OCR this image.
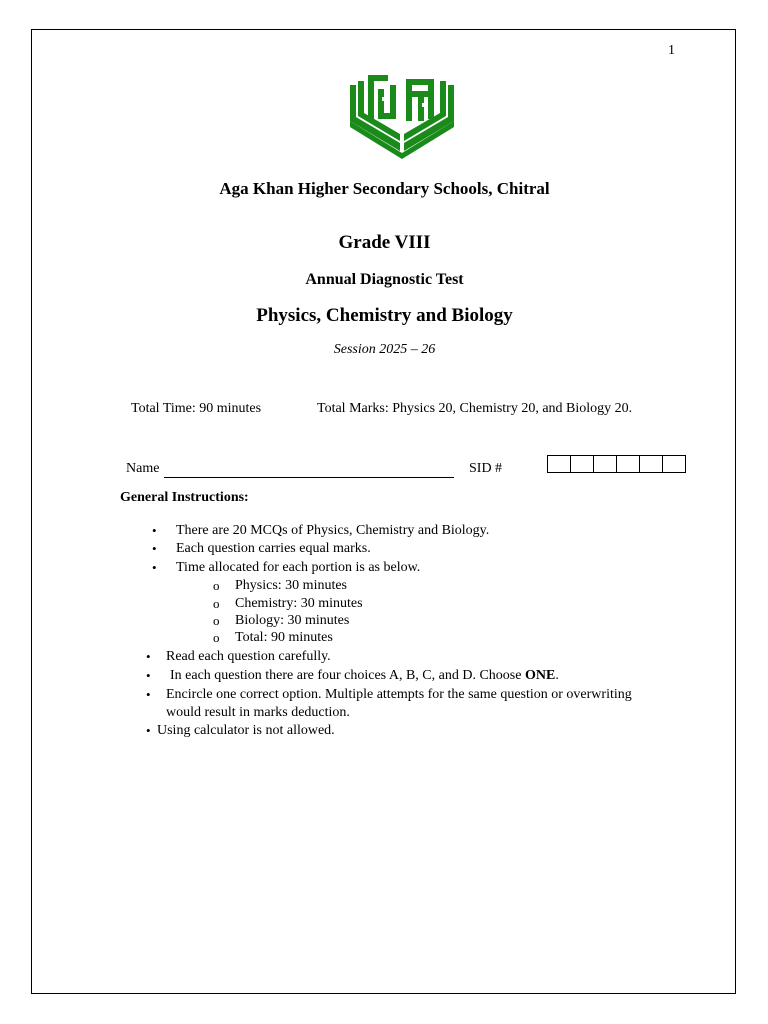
1
Aga Khan Higher Secondary Schools, Chitral
Grade VIII
Annual Diagnostic Test
Physics, Chemistry and Biology
Session 2025 – 26
Total Time: 90 minutes	Total Marks: Physics 20, Chemistry 20, and Biology 20.
Name	SID #
General Instructions:
• There are 20 MCQs of Physics, Chemistry and Biology.
• Each question carries equal marks.
• Time allocated for each portion is as below.
o Physics: 30 minutes
o Chemistry: 30 minutes
o Biology: 30 minutes
o Total: 90 minutes
• Read each question carefully.
• In each question there are four choices A, B, C, and D. Choose ONE.
• Encircle one correct option. Multiple attempts for the same question or overwriting
would result in marks deduction.
• Using calculator is not allowed.
